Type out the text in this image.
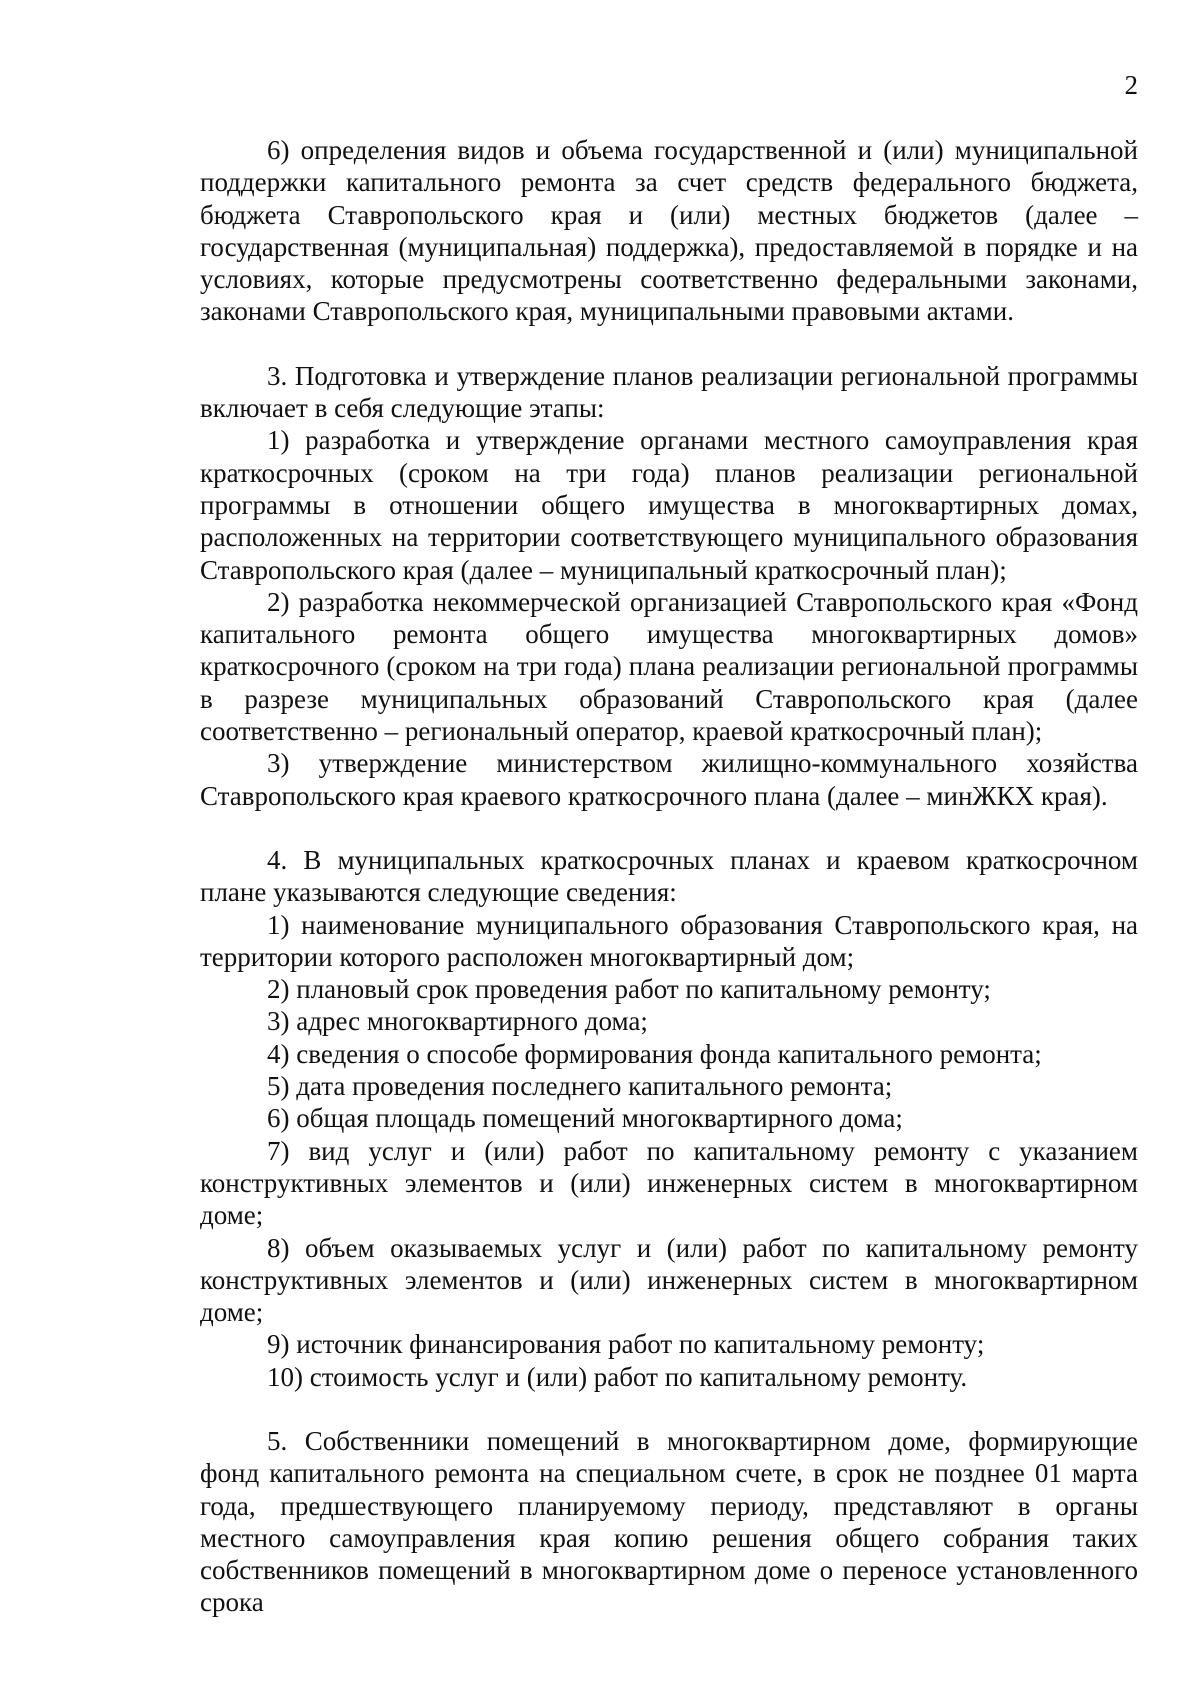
2

6) определения видов и объема государственной и (или) муниципальной поддержки капитального ремонта за счет средств федерального бюджета, бюджета Ставропольского края и (или) местных бюджетов (далее – государственная (муниципальная) поддержка), предоставляемой в порядке и на условиях, которые предусмотрены соответственно федеральными законами, законами Ставропольского края, муниципальными правовыми актами.

3. Подготовка и утверждение планов реализации региональной программы включает в себя следующие этапы:

1) разработка и утверждение органами местного самоуправления края краткосрочных (сроком на три года) планов реализации региональной программы в отношении общего имущества в многоквартирных домах, расположенных на территории соответствующего муниципального образования Ставропольского края (далее – муниципальный краткосрочный план);

2) разработка некоммерческой организацией Ставропольского края «Фонд капитального ремонта общего имущества многоквартирных домов» краткосрочного (сроком на три года) плана реализации региональной программы в разрезе муниципальных образований Ставропольского края (далее соответственно – региональный оператор, краевой краткосрочный план);

3) утверждение министерством жилищно-коммунального хозяйства Ставропольского края краевого краткосрочного плана (далее – минЖКХ края).

4. В муниципальных краткосрочных планах и краевом краткосрочном плане указываются следующие сведения:

1) наименование муниципального образования Ставропольского края, на территории которого расположен многоквартирный дом;

2) плановый срок проведения работ по капитальному ремонту;

3) адрес многоквартирного дома;

4) сведения о способе формирования фонда капитального ремонта;

5) дата проведения последнего капитального ремонта;

6) общая площадь помещений многоквартирного дома;

7) вид услуг и (или) работ по капитальному ремонту с указанием конструктивных элементов и (или) инженерных систем в многоквартирном доме;

8) объем оказываемых услуг и (или) работ по капитальному ремонту конструктивных элементов и (или) инженерных систем в многоквартирном доме;

9) источник финансирования работ по капитальному ремонту;

10) стоимость услуг и (или) работ по капитальному ремонту.

5. Собственники помещений в многоквартирном доме, формирующие фонд капитального ремонта на специальном счете, в срок не позднее 01 марта года, предшествующего планируемому периоду, представляют в органы местного самоуправления края копию решения общего собрания таких собственников помещений в многоквартирном доме о переносе установленного срока
